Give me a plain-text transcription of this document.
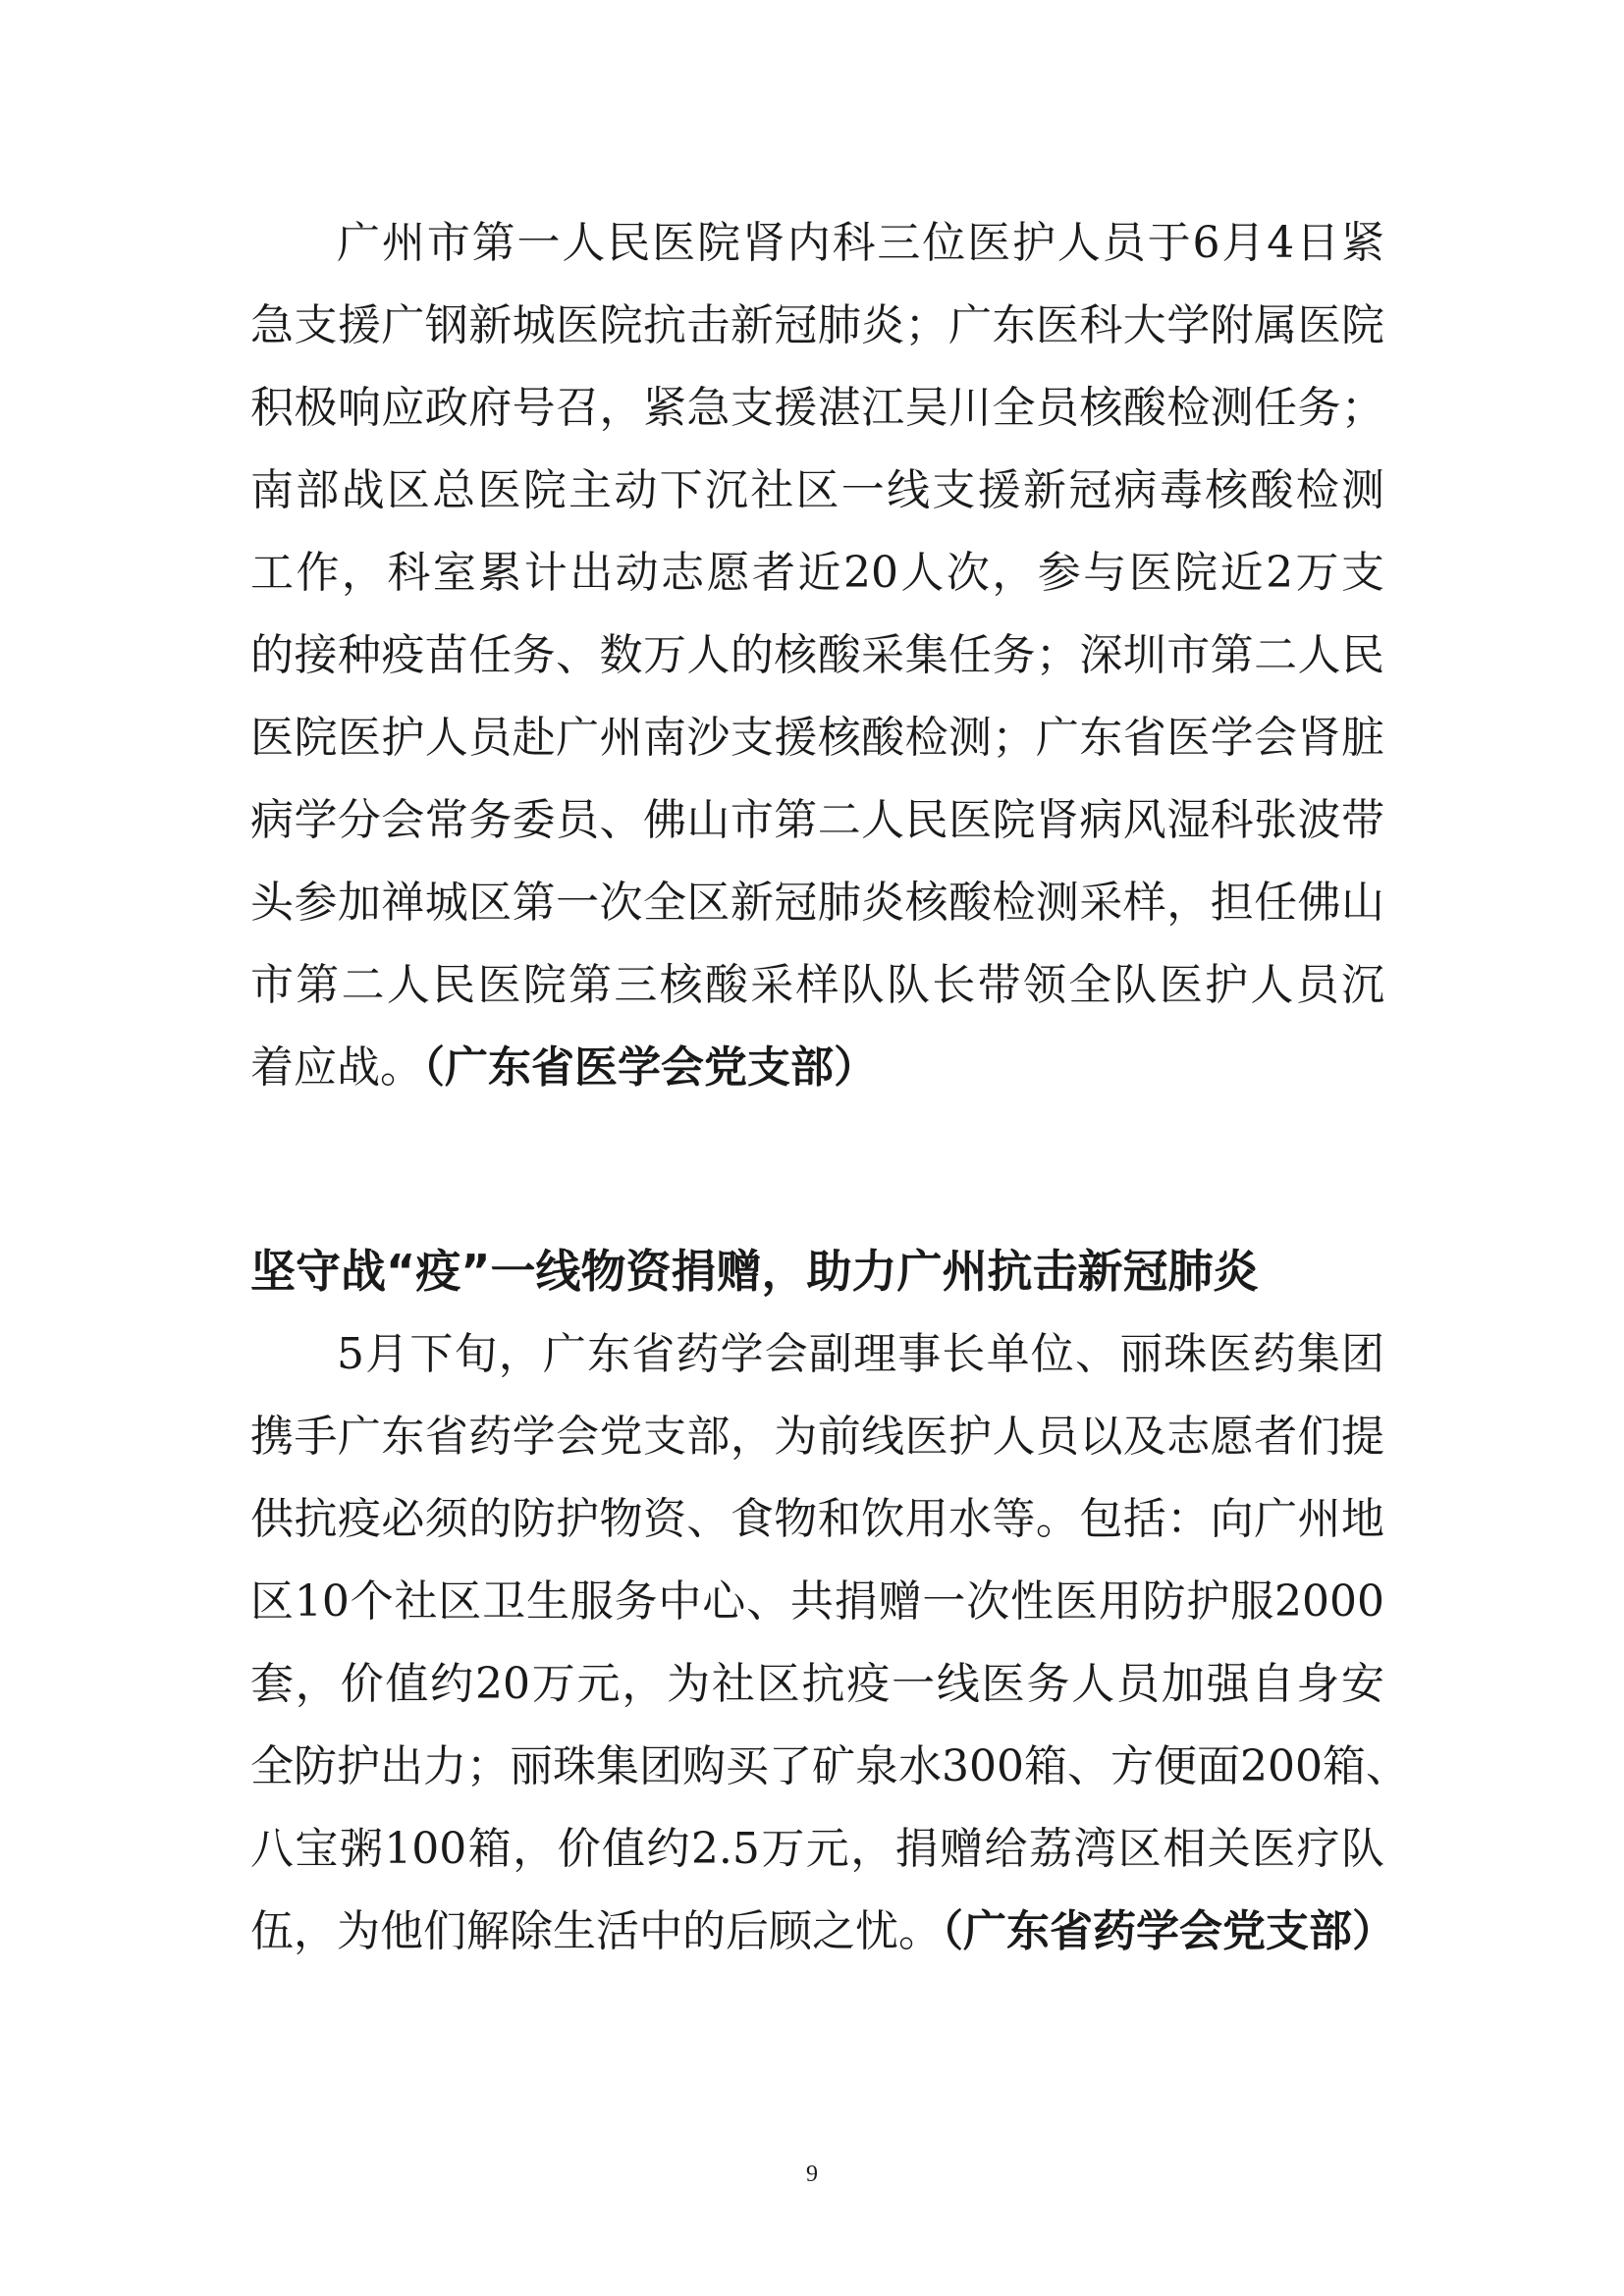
广州市第一人民医院肾内科三位医护人员于6月4日紧
急支援广钢新城医院抗击新冠肺炎；广东医科大学附属医院
积极响应政府号召，紧急支援湛江吴川全员核酸检测任务；
南部战区总医院主动下沉社区一线支援新冠病毒核酸检测
工作，科室累计出动志愿者近20人次，参与医院近2万支
的接种疫苗任务、数万人的核酸采集任务；深圳市第二人民
医院医护人员赴广州南沙支援核酸检测；广东省医学会肾脏
病学分会常务委员、佛山市第二人民医院肾病风湿科张波带
头参加禅城区第一次全区新冠肺炎核酸检测采样，担任佛山
市第二人民医院第三核酸采样队队长带领全队医护人员沉
着应战。（广东省医学会党支部）
坚守战“疫”一线物资捐赠，助力广州抗击新冠肺炎
5月下旬，广东省药学会副理事长单位、丽珠医药集团
携手广东省药学会党支部，为前线医护人员以及志愿者们提
供抗疫必须的防护物资、食物和饮用水等。包括：向广州地
区10个社区卫生服务中心、共捐赠一次性医用防护服2000
套，价值约20万元，为社区抗疫一线医务人员加强自身安
全防护出力；丽珠集团购买了矿泉水300箱、方便面200箱、
八宝粥100箱，价值约2.5万元，捐赠给荔湾区相关医疗队
伍，为他们解除生活中的后顾之忧。（广东省药学会党支部）
9
